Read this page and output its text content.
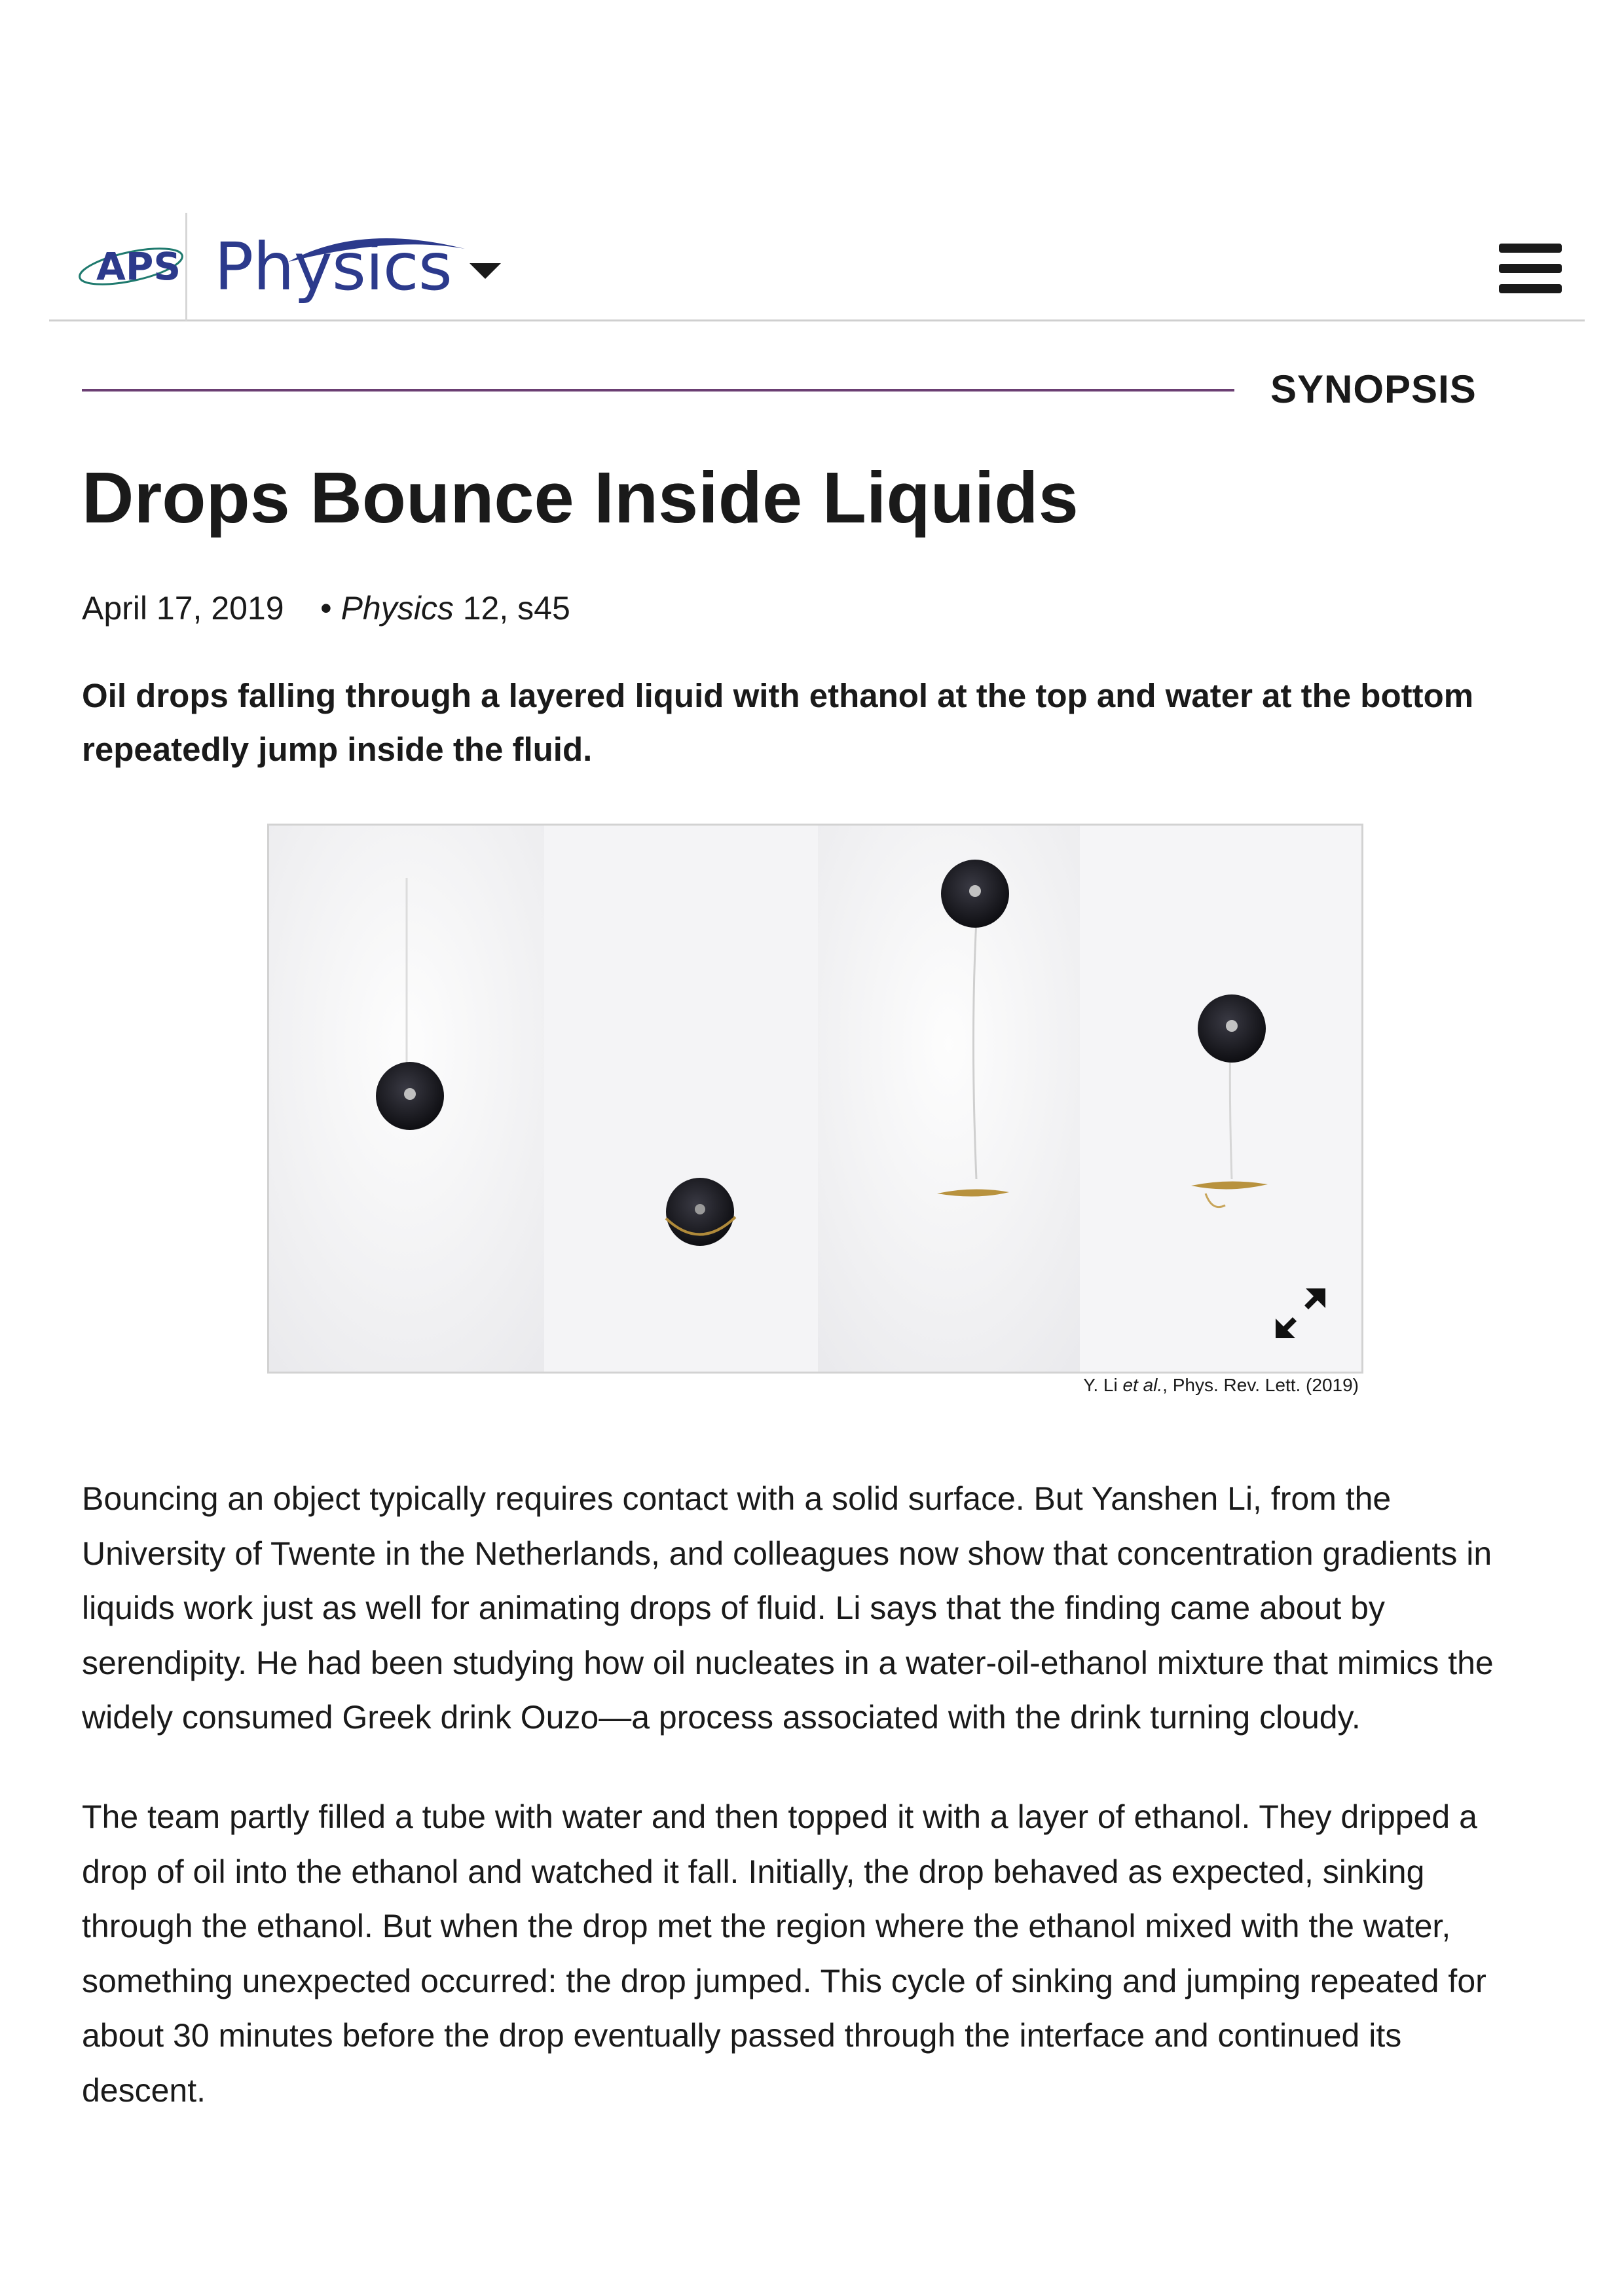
APS Physics
SYNOPSIS
Drops Bounce Inside Liquids
April 17, 2019 • Physics 12, s45

Oil drops falling through a layered liquid with ethanol at the top and water at the bottom repeatedly jump inside the fluid.

Y. Li et al., Phys. Rev. Lett. (2019)

Bouncing an object typically requires contact with a solid surface. But Yanshen Li, from the University of Twente in the Netherlands, and colleagues now show that concentration gradients in liquids work just as well for animating drops of fluid. Li says that the finding came about by serendipity. He had been studying how oil nucleates in a water-oil-ethanol mixture that mimics the widely consumed Greek drink Ouzo—a process associated with the drink turning cloudy.

The team partly filled a tube with water and then topped it with a layer of ethanol. They dripped a drop of oil into the ethanol and watched it fall. Initially, the drop behaved as expected, sinking through the ethanol. But when the drop met the region where the ethanol mixed with the water, something unexpected occurred: the drop jumped. This cycle of sinking and jumping repeated for about 30 minutes before the drop eventually passed through the interface and continued its descent.
